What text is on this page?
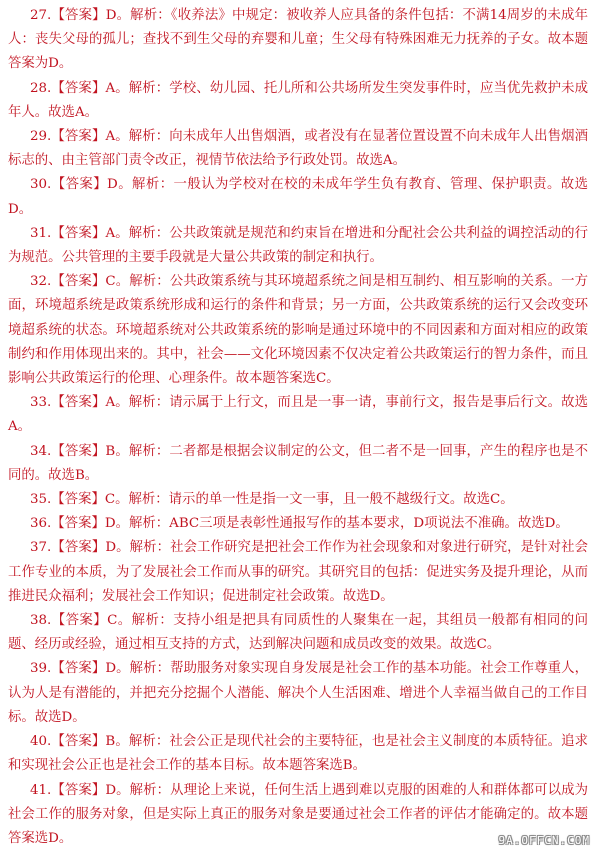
27.【答案】D。解析：《收养法》中规定：被收养人应具备的条件包括：不满14周岁的未成年人：丧失父母的孤儿；查找不到生父母的弃婴和儿童；生父母有特殊困难无力抚养的子女。故本题答案为D。

28.【答案】A。解析：学校、幼儿园、托儿所和公共场所发生突发事件时，应当优先救护未成年人。故选A。

29.【答案】A。解析：向未成年人出售烟酒，或者没有在显著位置设置不向未成年人出售烟酒标志的、由主管部门责令改正，视情节依法给予行政处罚。故选A。

30.【答案】D。解析：一般认为学校对在校的未成年学生负有教育、管理、保护职责。故选D。

31.【答案】A。解析：公共政策就是规范和约束旨在增进和分配社会公共利益的调控活动的行为规范。公共管理的主要手段就是大量公共政策的制定和执行。

32.【答案】C。解析：公共政策系统与其环境超系统之间是相互制约、相互影响的关系。一方面，环境超系统是政策系统形成和运行的条件和背景；另一方面，公共政策系统的运行又会改变环境超系统的状态。环境超系统对公共政策系统的影响是通过环境中的不同因素和方面对相应的政策制约和作用体现出来的。其中，社会——文化环境因素不仅决定着公共政策运行的智力条件，而且影响公共政策运行的伦理、心理条件。故本题答案选C。

33.【答案】A。解析：请示属于上行文，而且是一事一请，事前行文，报告是事后行文。故选A。

34.【答案】B。解析：二者都是根据会议制定的公文，但二者不是一回事，产生的程序也是不同的。故选B。

35.【答案】C。解析：请示的单一性是指一文一事，且一般不越级行文。故选C。

36.【答案】D。解析：ABC三项是表彰性通报写作的基本要求，D项说法不准确。故选D。

37.【答案】D。解析：社会工作研究是把社会工作作为社会现象和对象进行研究，是针对社会工作专业的本质，为了发展社会工作而从事的研究。其研究目的包括：促进实务及提升理论，从而推进民众福利；发展社会工作知识；促进制定社会政策。故选D。

38.【答案】C。解析：支持小组是把具有同质性的人聚集在一起，其组员一般都有相同的问题、经历或经验，通过相互支持的方式，达到解决问题和成员改变的效果。故选C。

39.【答案】D。解析：帮助服务对象实现自身发展是社会工作的基本功能。社会工作尊重人，认为人是有潜能的，并把充分挖掘个人潜能、解决个人生活困难、增进个人幸福当做自己的工作目标。故选D。

40.【答案】B。解析：社会公正是现代社会的主要特征，也是社会主义制度的本质特征。追求和实现社会公正也是社会工作的基本目标。故本题答案选B。

41.【答案】D。解析：从理论上来说，任何生活上遇到难以克服的困难的人和群体都可以成为社会工作的服务对象，但是实际上真正的服务对象是要通过社会工作者的评估才能确定的。故本题答案选D。	9A.OFFCN.COM
